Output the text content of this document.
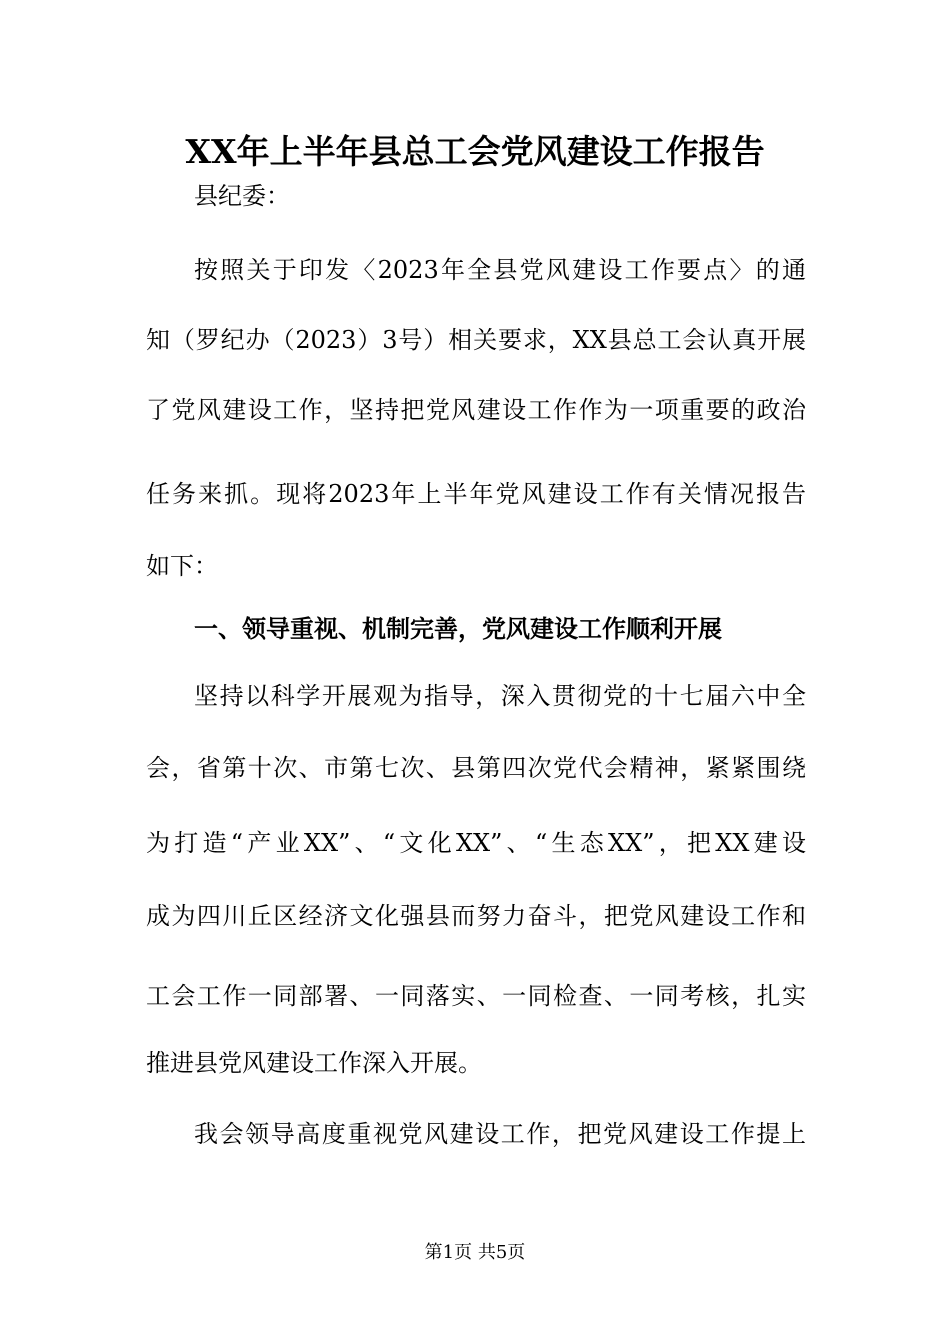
XX年上半年县总工会党风建设工作报告
县纪委：
按照关于印发〈2023年全县党风建设工作要点〉的通
知（罗纪办（2023）3号）相关要求，XX县总工会认真开展
了党风建设工作，坚持把党风建设工作作为一项重要的政治
任务来抓。现将2023年上半年党风建设工作有关情况报告
如下：
一、领导重视、机制完善，党风建设工作顺利开展
坚持以科学开展观为指导，深入贯彻党的十七届六中全
会，省第十次、市第七次、县第四次党代会精神，紧紧围绕
为打造“产业XX”、“文化XX”、“生态XX”，把XX建设
成为四川丘区经济文化强县而努力奋斗，把党风建设工作和
工会工作一同部署、一同落实、一同检查、一同考核，扎实
推进县党风建设工作深入开展。
我会领导高度重视党风建设工作，把党风建设工作提上
第1页 共5页
